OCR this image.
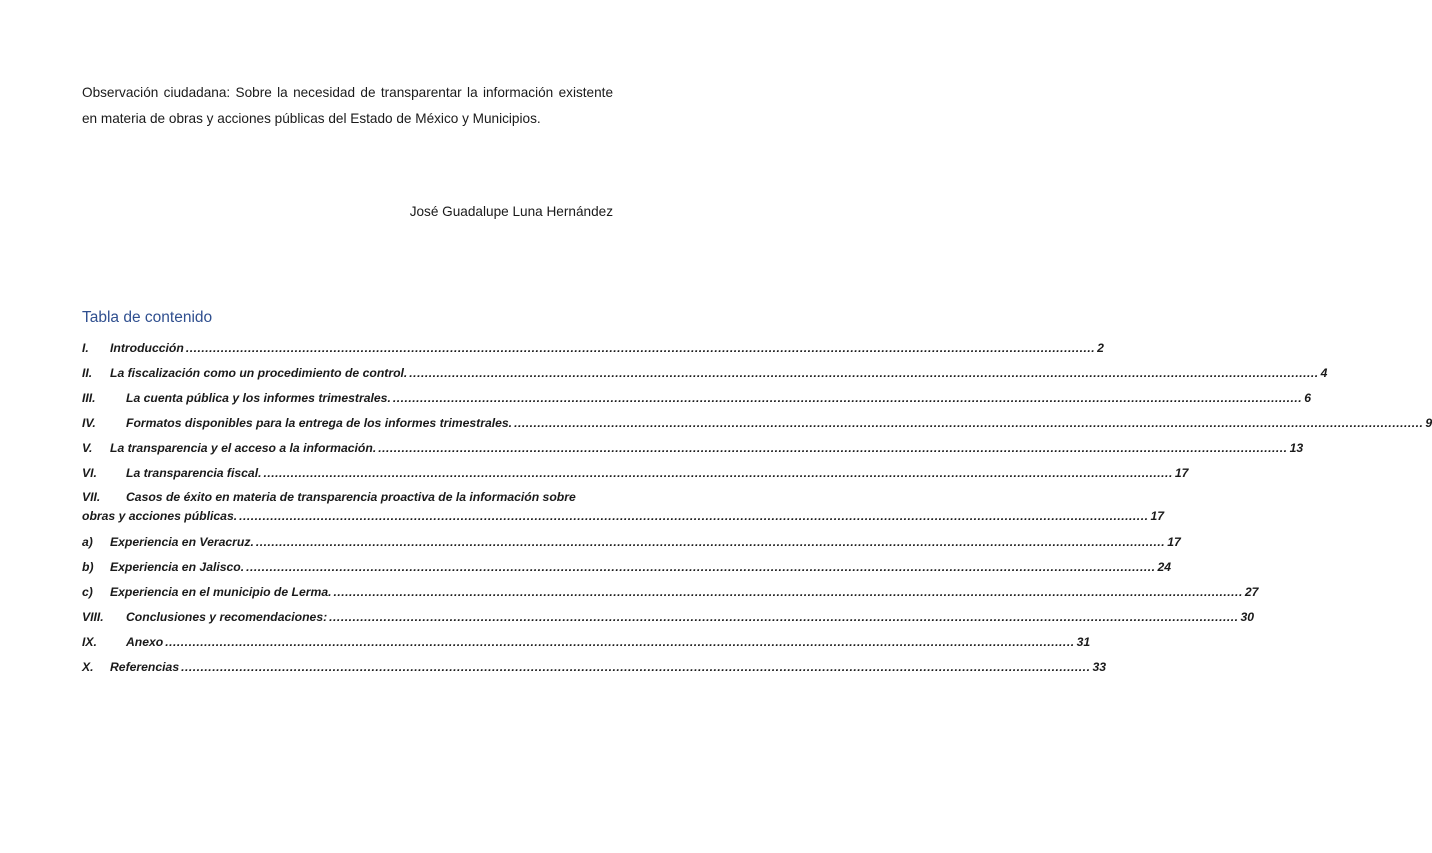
Observación ciudadana: Sobre la necesidad de transparentar la información existente en materia de obras y acciones públicas del Estado de México y Municipios.

José Guadalupe Luna Hernández

Tabla de contenido
I.	Introducción .....	2
II.	La fiscalización como un procedimiento de control. .....	4
III.	La cuenta pública y los informes trimestrales. .....	6
IV.	Formatos disponibles para la entrega de los informes trimestrales. .....	9
V.	La transparencia y el acceso a la información. .....	13
VI.	La transparencia fiscal. .....	17
VII. Casos de éxito en materia de transparencia proactiva de la información sobre
obras y acciones públicas. .....	17
a)	Experiencia en Veracruz. .....	17
b)	Experiencia en Jalisco. .....	24
c)	Experiencia en el municipio de Lerma. .....	27
VIII.	Conclusiones y recomendaciones: .....	30
IX.	Anexo .....	31
X.	Referencias .....	33
